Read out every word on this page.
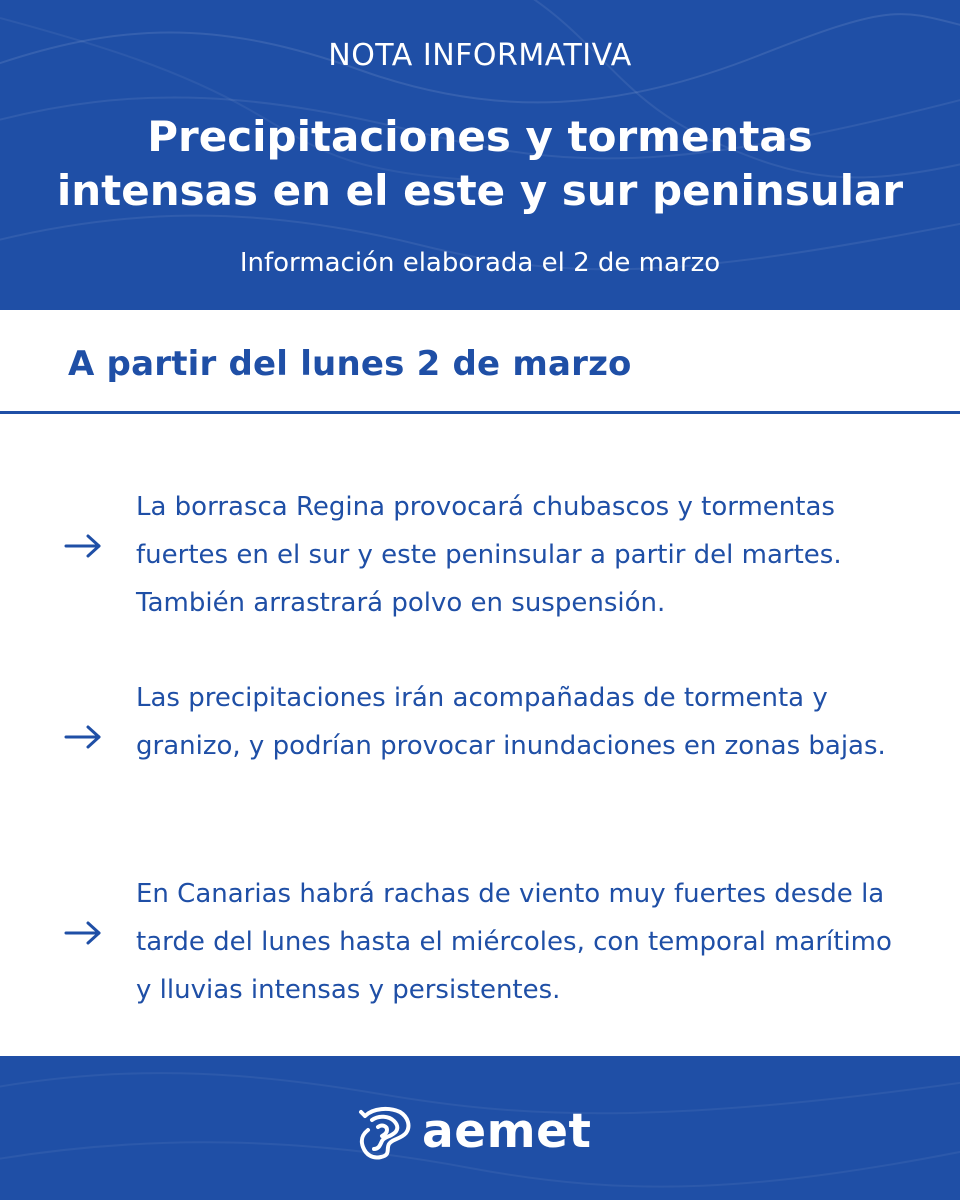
NOTA INFORMATIVA
Precipitaciones y tormentas
intensas en el este y sur peninsular
Información elaborada el 2 de marzo
A partir del lunes 2 de marzo
La borrasca Regina provocará chubascos y tormentas fuertes en el sur y este peninsular a partir del martes. También arrastrará polvo en suspensión.
Las precipitaciones irán acompañadas de tormenta y granizo, y podrían provocar inundaciones en zonas bajas.
En Canarias habrá rachas de viento muy fuertes desde la tarde del lunes hasta el miércoles, con temporal marítimo y lluvias intensas y persistentes.
aemet
